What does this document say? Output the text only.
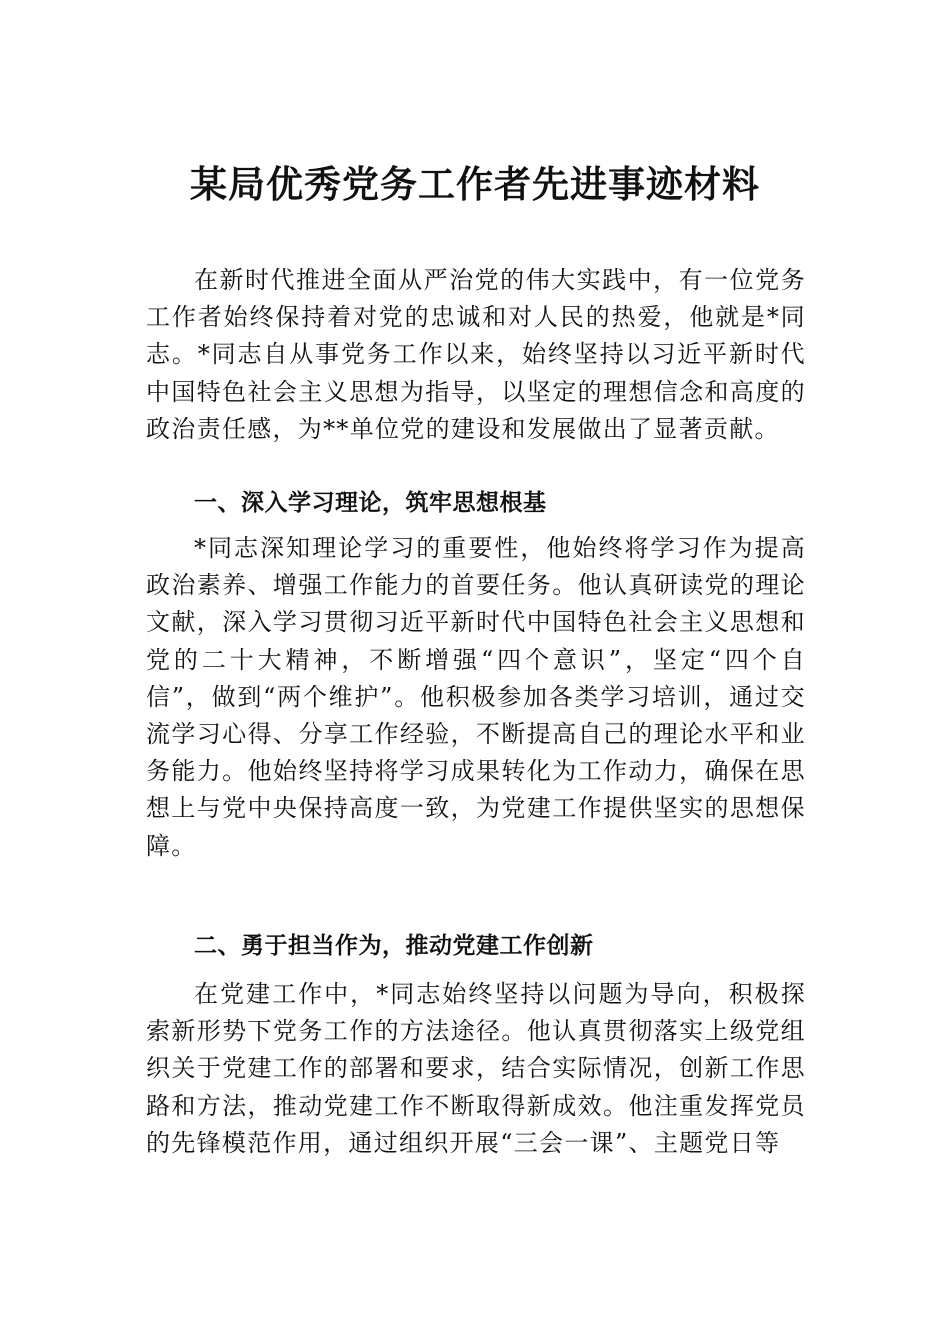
某局优秀党务工作者先进事迹材料

在新时代推进全面从严治党的伟大实践中，有一位党务工作者始终保持着对党的忠诚和对人民的热爱，他就是*同志。*同志自从事党务工作以来，始终坚持以习近平新时代中国特色社会主义思想为指导，以坚定的理想信念和高度的政治责任感，为**单位党的建设和发展做出了显著贡献。

一、深入学习理论，筑牢思想根基

*同志深知理论学习的重要性，他始终将学习作为提高政治素养、增强工作能力的首要任务。他认真研读党的理论文献，深入学习贯彻习近平新时代中国特色社会主义思想和党的二十大精神，不断增强“四个意识”，坚定“四个自信”，做到“两个维护”。他积极参加各类学习培训，通过交流学习心得、分享工作经验，不断提高自己的理论水平和业务能力。他始终坚持将学习成果转化为工作动力，确保在思想上与党中央保持高度一致，为党建工作提供坚实的思想保障。

二、勇于担当作为，推动党建工作创新

在党建工作中，*同志始终坚持以问题为导向，积极探索新形势下党务工作的方法途径。他认真贯彻落实上级党组织关于党建工作的部署和要求，结合实际情况，创新工作思路和方法，推动党建工作不断取得新成效。他注重发挥党员的先锋模范作用，通过组织开展“三会一课”、主题党日等
